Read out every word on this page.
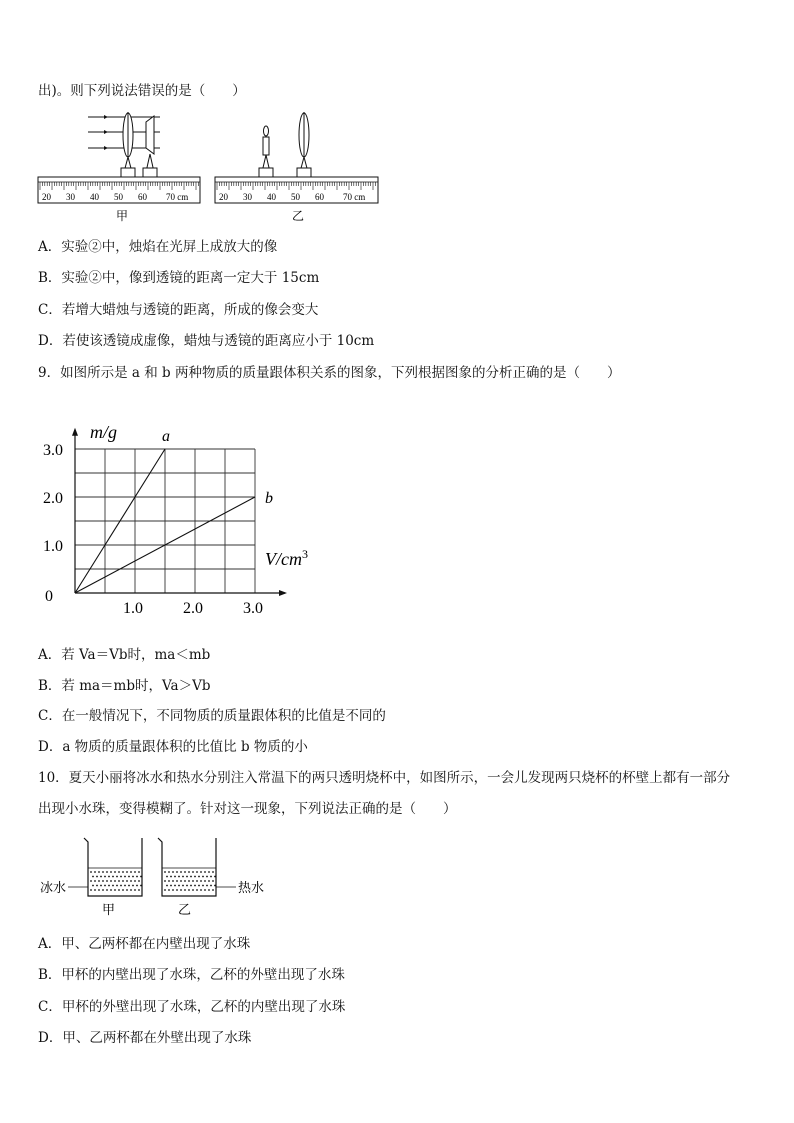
出)。则下列说法错误的是（　　）
20 30 40 50 60 70 cm
甲
20 30 40 50 60 70 cm
乙
A．实验②中，烛焰在光屏上成放大的像
B．实验②中，像到透镜的距离一定大于 15cm
C．若增大蜡烛与透镜的距离，所成的像会变大
D．若使该透镜成虚像，蜡烛与透镜的距离应小于 10cm
9．如图所示是 a 和 b 两种物质的质量跟体积关系的图象，下列根据图象的分析正确的是（　　）
a
b
1.0
2.0
3.0
1.0	2.0	3.0
0
m/g
$V/cm^3$
A．若 Va＝Vb时，ma＜mb
B．若 ma＝mb时，Va＞Vb
C．在一般情况下，不同物质的质量跟体积的比值是不同的
D．a 物质的质量跟体积的比值比 b 物质的小
10．夏天小丽将冰水和热水分别注入常温下的两只透明烧杯中，如图所示，一会儿发现两只烧杯的杯壁上都有一部分
出现小水珠，变得模糊了。针对这一现象，下列说法正确的是（　　）
冰水	热水
甲	乙
A．甲、乙两杯都在内壁出现了水珠
B．甲杯的内壁出现了水珠，乙杯的外壁出现了水珠
C．甲杯的外壁出现了水珠，乙杯的内壁出现了水珠
D．甲、乙两杯都在外壁出现了水珠
